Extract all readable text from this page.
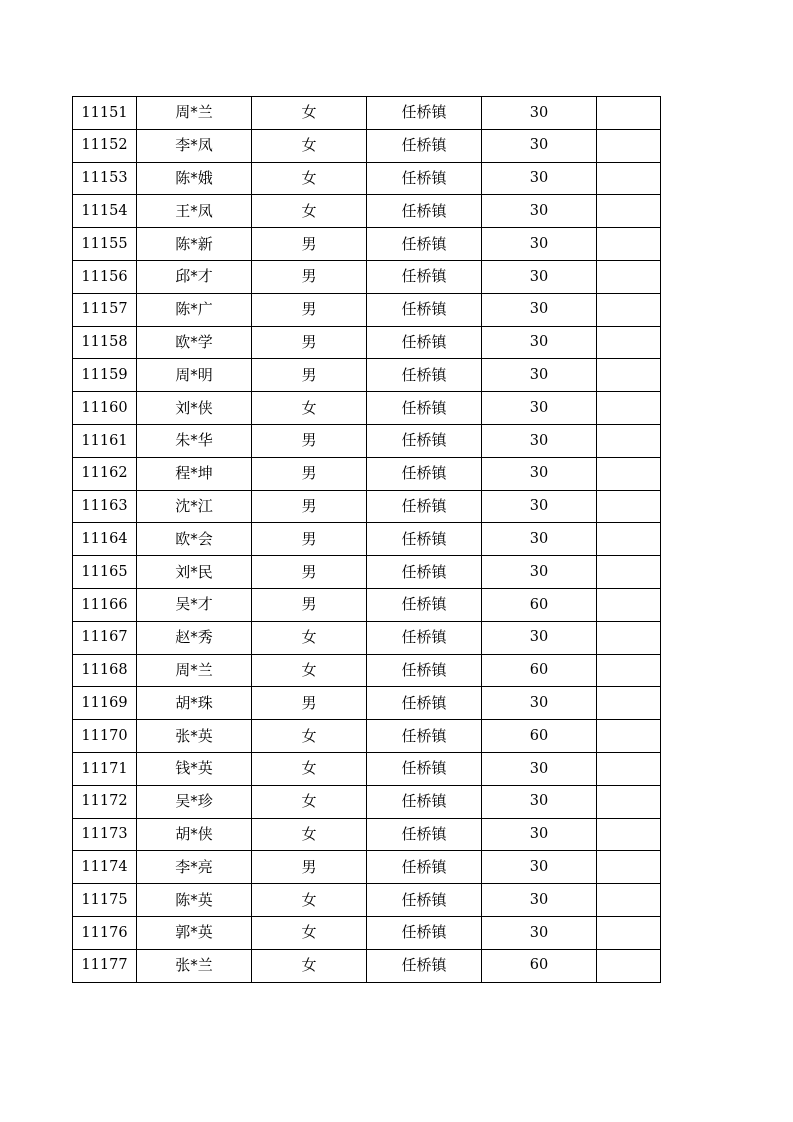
11151	周*兰	女	任桥镇	30	
11152	李*凤	女	任桥镇	30	
11153	陈*娥	女	任桥镇	30	
11154	王*凤	女	任桥镇	30	
11155	陈*新	男	任桥镇	30	
11156	邱*才	男	任桥镇	30	
11157	陈*广	男	任桥镇	30	
11158	欧*学	男	任桥镇	30	
11159	周*明	男	任桥镇	30	
11160	刘*侠	女	任桥镇	30	
11161	朱*华	男	任桥镇	30	
11162	程*坤	男	任桥镇	30	
11163	沈*江	男	任桥镇	30	
11164	欧*会	男	任桥镇	30	
11165	刘*民	男	任桥镇	30	
11166	吴*才	男	任桥镇	60	
11167	赵*秀	女	任桥镇	30	
11168	周*兰	女	任桥镇	60	
11169	胡*珠	男	任桥镇	30	
11170	张*英	女	任桥镇	60	
11171	钱*英	女	任桥镇	30	
11172	吴*珍	女	任桥镇	30	
11173	胡*侠	女	任桥镇	30	
11174	李*亮	男	任桥镇	30	
11175	陈*英	女	任桥镇	30	
11176	郭*英	女	任桥镇	30	
11177	张*兰	女	任桥镇	60	
